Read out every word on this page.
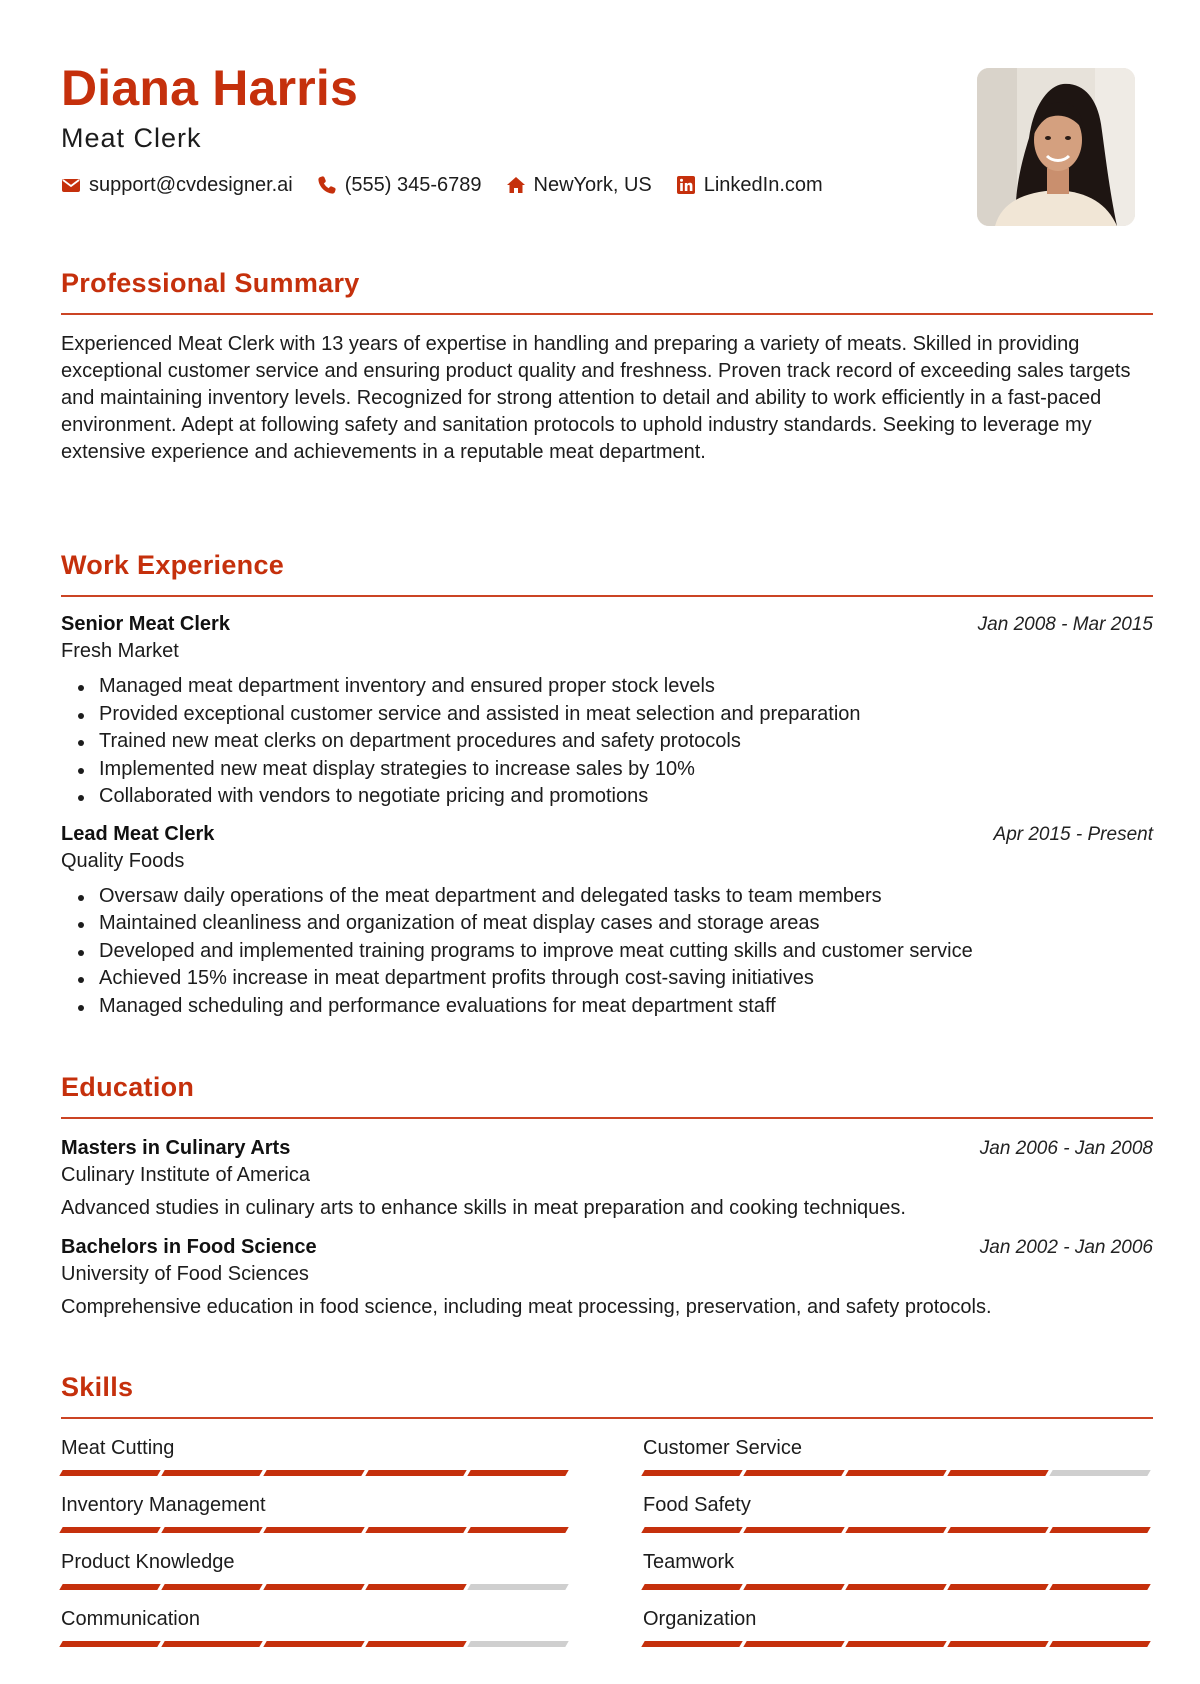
Diana Harris
Meat Clerk
support@cvdesigner.ai	(555) 345-6789	NewYork, US	LinkedIn.com
Professional Summary
Experienced Meat Clerk with 13 years of expertise in handling and preparing a variety of meats. Skilled in providing exceptional customer service and ensuring product quality and freshness. Proven track record of exceeding sales targets and maintaining inventory levels. Recognized for strong attention to detail and ability to work efficiently in a fast-paced environment. Adept at following safety and sanitation protocols to uphold industry standards. Seeking to leverage my extensive experience and achievements in a reputable meat department.
Work Experience
Senior Meat Clerk	Jan 2008 - Mar 2015
Fresh Market
Managed meat department inventory and ensured proper stock levels
Provided exceptional customer service and assisted in meat selection and preparation
Trained new meat clerks on department procedures and safety protocols
Implemented new meat display strategies to increase sales by 10%
Collaborated with vendors to negotiate pricing and promotions
Lead Meat Clerk	Apr 2015 - Present
Quality Foods
Oversaw daily operations of the meat department and delegated tasks to team members
Maintained cleanliness and organization of meat display cases and storage areas
Developed and implemented training programs to improve meat cutting skills and customer service
Achieved 15% increase in meat department profits through cost-saving initiatives
Managed scheduling and performance evaluations for meat department staff
Education
Masters in Culinary Arts	Jan 2006 - Jan 2008
Culinary Institute of America
Advanced studies in culinary arts to enhance skills in meat preparation and cooking techniques.
Bachelors in Food Science	Jan 2002 - Jan 2006
University of Food Sciences
Comprehensive education in food science, including meat processing, preservation, and safety protocols.
Skills
Meat Cutting	Customer Service
Inventory Management	Food Safety
Product Knowledge	Teamwork
Communication	Organization
